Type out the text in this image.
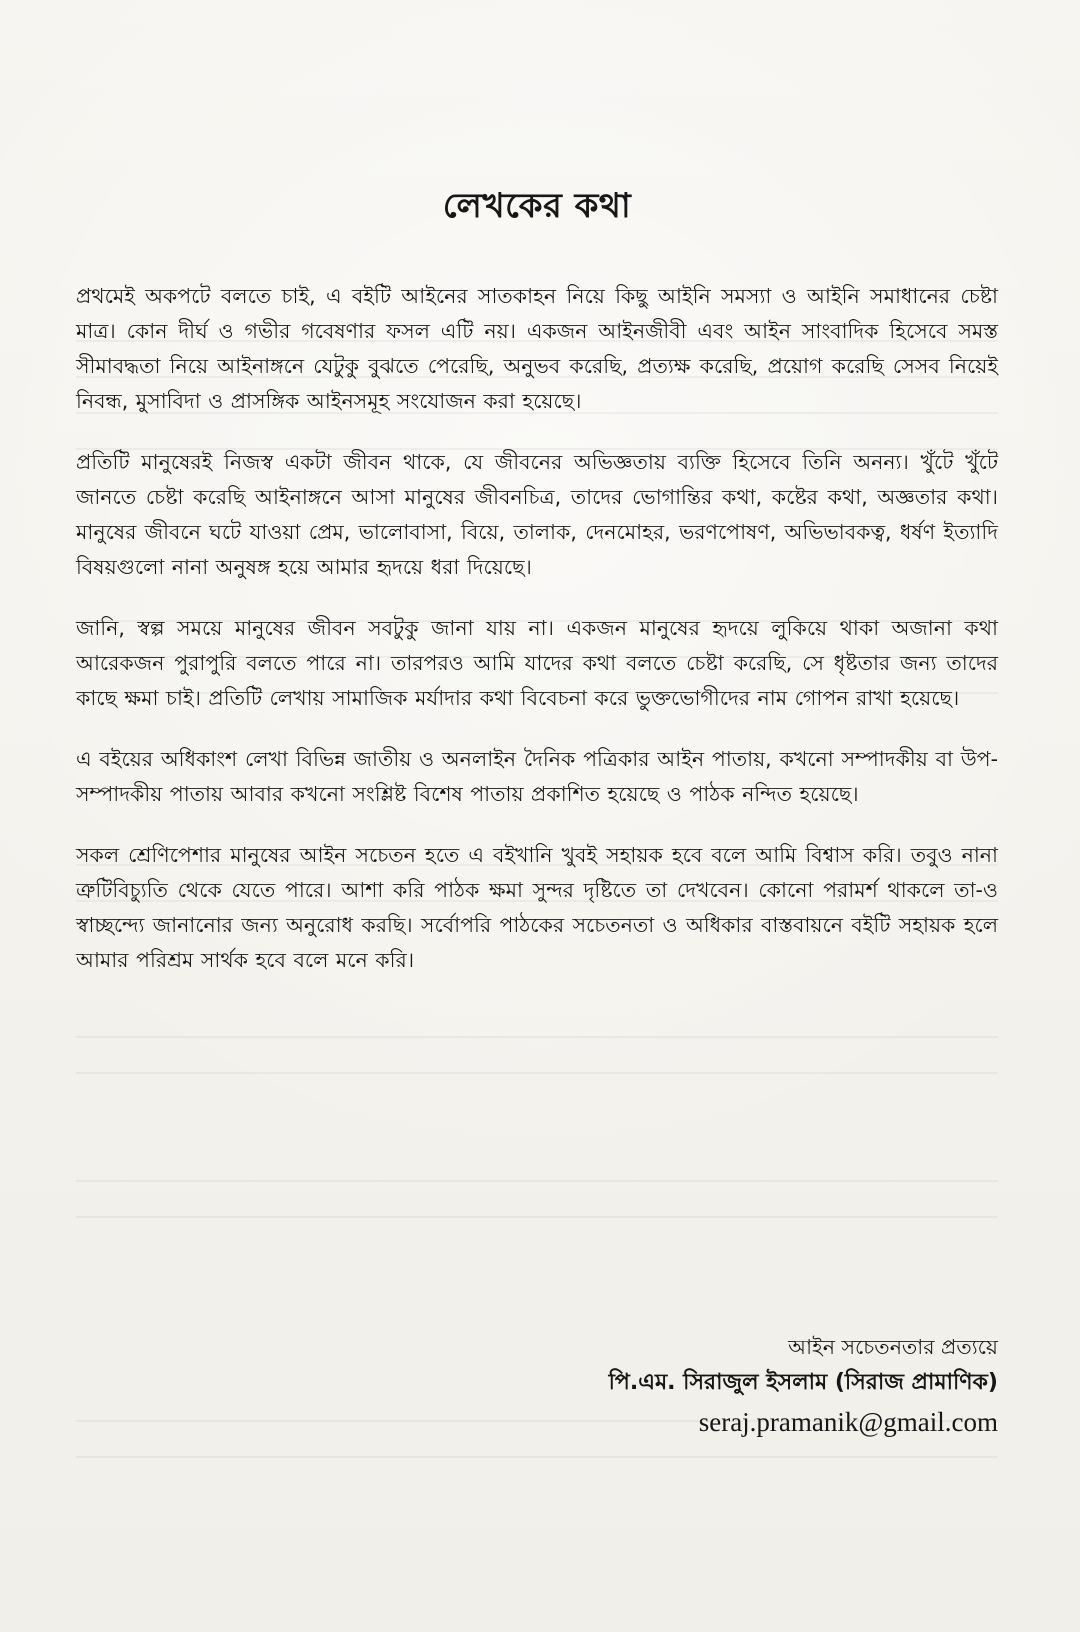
লেখকের কথা

প্রথমেই অকপটে বলতে চাই, এ বইটি আইনের সাতকাহন নিয়ে কিছু আইনি সমস্যা ও আইনি সমাধানের চেষ্টা মাত্র। কোন দীর্ঘ ও গভীর গবেষণার ফসল এটি নয়। একজন আইনজীবী এবং আইন সাংবাদিক হিসেবে সমস্ত সীমাবদ্ধতা নিয়ে আইনাঙ্গনে যেটুকু বুঝতে পেরেছি, অনুভব করেছি, প্রত্যক্ষ করেছি, প্রয়োগ করেছি সেসব নিয়েই নিবন্ধ, মুসাবিদা ও প্রাসঙ্গিক আইনসমূহ সংযোজন করা হয়েছে।

প্রতিটি মানুষেরই নিজস্ব একটা জীবন থাকে, যে জীবনের অভিজ্ঞতায় ব্যক্তি হিসেবে তিনি অনন্য। খুঁটে খুঁটে জানতে চেষ্টা করেছি আইনাঙ্গনে আসা মানুষের জীবনচিত্র, তাদের ভোগান্তির কথা, কষ্টের কথা, অজ্ঞতার কথা। মানুষের জীবনে ঘটে যাওয়া প্রেম, ভালোবাসা, বিয়ে, তালাক, দেনমোহর, ভরণপোষণ, অভিভাবকত্ব, ধর্ষণ ইত্যাদি বিষয়গুলো নানা অনুষঙ্গ হয়ে আমার হৃদয়ে ধরা দিয়েছে।

জানি, স্বল্প সময়ে মানুষের জীবন সবটুকু জানা যায় না। একজন মানুষের হৃদয়ে লুকিয়ে থাকা অজানা কথা আরেকজন পুরাপুরি বলতে পারে না। তারপরও আমি যাদের কথা বলতে চেষ্টা করেছি, সে ধৃষ্টতার জন্য তাদের কাছে ক্ষমা চাই। প্রতিটি লেখায় সামাজিক মর্যাদার কথা বিবেচনা করে ভুক্তভোগীদের নাম গোপন রাখা হয়েছে।

এ বইয়ের অধিকাংশ লেখা বিভিন্ন জাতীয় ও অনলাইন দৈনিক পত্রিকার আইন পাতায়, কখনো সম্পাদকীয় বা উপ-সম্পাদকীয় পাতায় আবার কখনো সংশ্লিষ্ট বিশেষ পাতায় প্রকাশিত হয়েছে ও পাঠক নন্দিত হয়েছে।

সকল শ্রেণিপেশার মানুষের আইন সচেতন হতে এ বইখানি খুবই সহায়ক হবে বলে আমি বিশ্বাস করি। তবুও নানা ত্রুটিবিচ্যুতি থেকে যেতে পারে। আশা করি পাঠক ক্ষমা সুন্দর দৃষ্টিতে তা দেখবেন। কোনো পরামর্শ থাকলে তা-ও স্বাচ্ছন্দ্যে জানানোর জন্য অনুরোধ করছি। সর্বোপরি পাঠকের সচেতনতা ও অধিকার বাস্তবায়নে বইটি সহায়ক হলে আমার পরিশ্রম সার্থক হবে বলে মনে করি।

আইন সচেতনতার প্রত্যয়ে
পি.এম. সিরাজুল ইসলাম (সিরাজ প্রামাণিক)
seraj.pramanik@gmail.com
